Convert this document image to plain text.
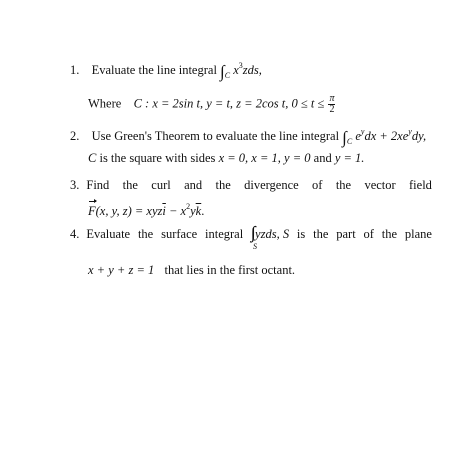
1. Evaluate the line integral $\int_C$ $x^3zds$,
Where C : x = 2sin t, y = t, z = 2cos t, $0 \le t \le \frac{\pi}{2}$
2. Use Green's Theorem to evaluate the line integral $\int_C$ $e^ydx + 2xe^ydy$,
C is the square with sides x = 0, x = 1, y = 0 and y = 1.
3. Find the curl and the divergence of the vector field
F(x, y, $z) = xyz\overline{i} - x^2y\overline{k}$.
4. Evaluate the surface integral
S
yzds, S is the part of the plane
x + y + z = 1 that lies in the first octant.
